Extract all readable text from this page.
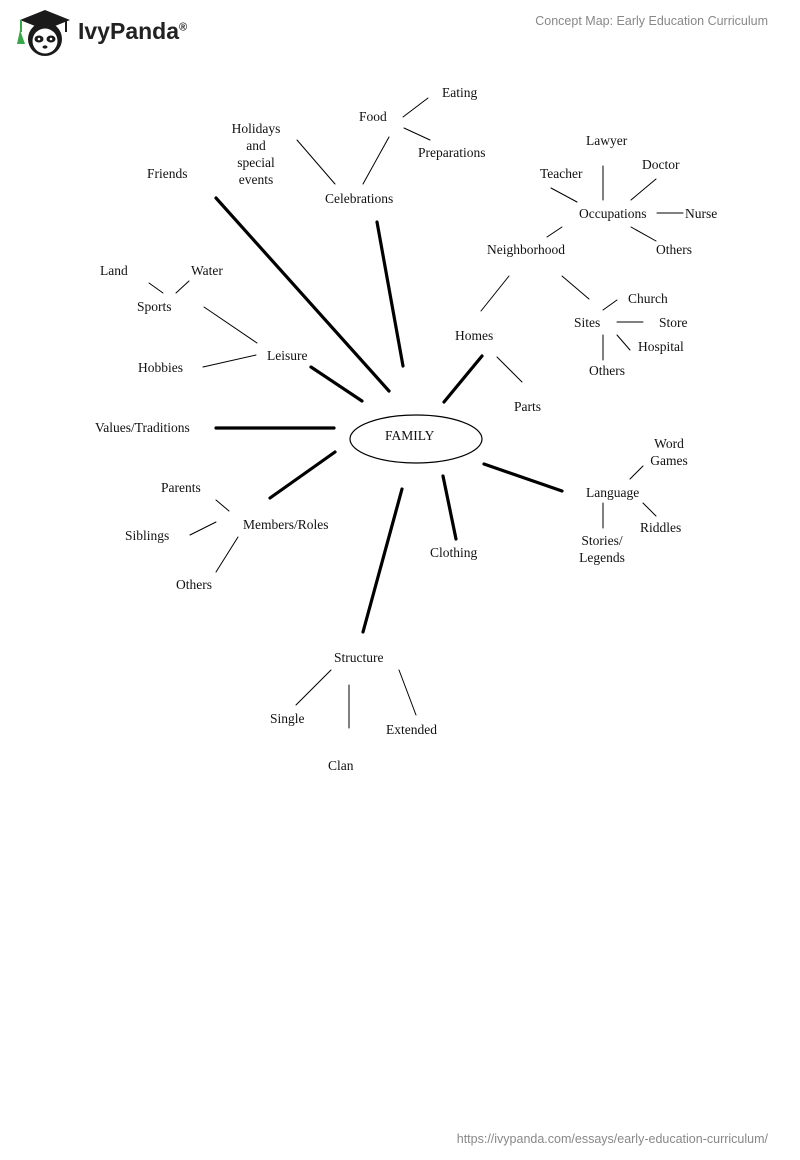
IvyPanda®	Concept Map: Early Education Curriculum
FAMILY
Friends
Celebrations
Food
Eating
Preparations
Holidays
and
special
events
Neighborhood
Occupations
Lawyer
Teacher
Doctor
Nurse
Others
Homes
Parts
Sites
Church
Store
Hospital
Others
Sports
Land	Water
Leisure
Hobbies
Values/Traditions
Members/Roles
Parents
Siblings
Others
Clothing
Language
Word
Games
Riddles
Stories/
Legends
Structure
Single
Clan
Extended
https://ivypanda.com/essays/early-education-curriculum/
